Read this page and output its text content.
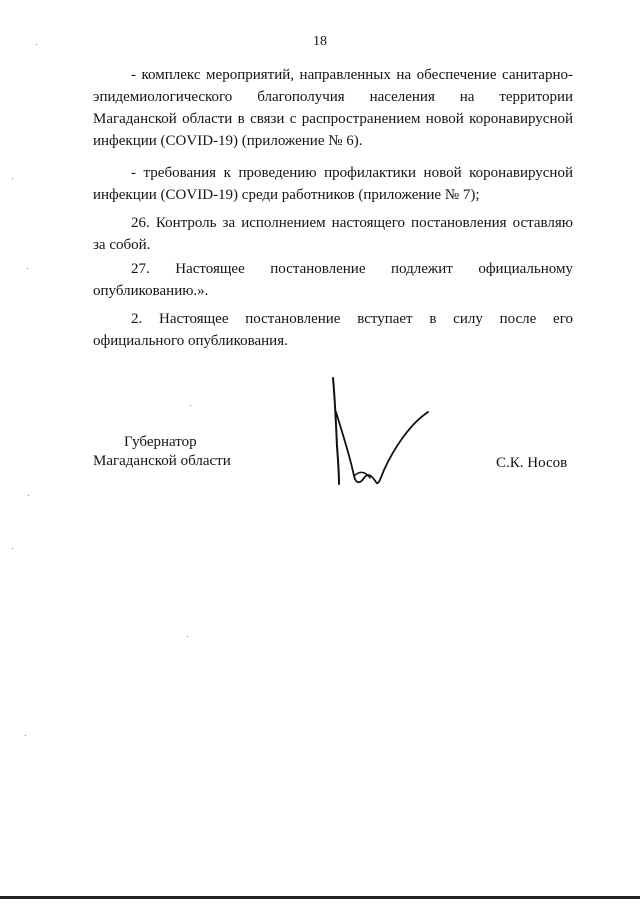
18

- комплекс мероприятий, направленных на обеспечение санитарно-эпидемиологического благополучия населения на территории Магаданской области в связи с распространением новой коронавирусной инфекции (COVID-19) (приложение № 6).

- требования к проведению профилактики новой коронавирусной инфекции (COVID-19) среди работников (приложение № 7);

26. Контроль за исполнением настоящего постановления оставляю за собой.

27. Настоящее постановление подлежит официальному опубликованию.».

2. Настоящее постановление вступает в силу после его официального опубликования.

Губернатор
Магаданской области	С.К. Носов
